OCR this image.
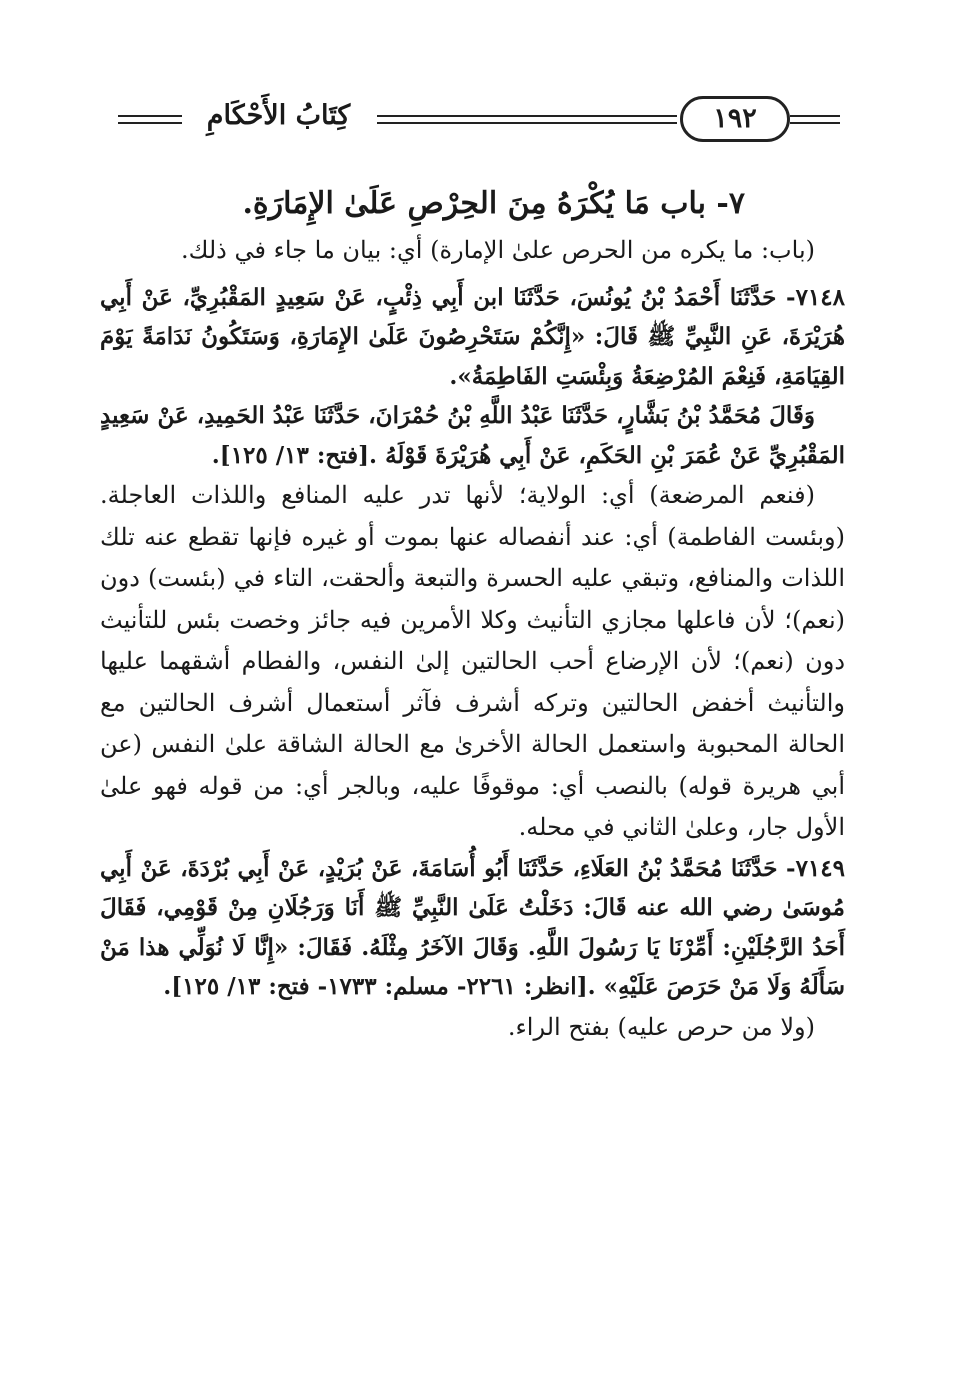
كِتَابُ الأَحْكَامِ	١٩٢

٧- باب مَا يُكْرَهُ مِنَ الحِرْصِ عَلَىٰ الإِمَارَةِ.

(باب: ما يكره من الحرص علىٰ الإمارة) أي: بيان ما جاء في ذلك.

٧١٤٨- حَدَّثَنَا أَحْمَدُ بْنُ يُونُسَ، حَدَّثَنَا ابن أَبِي ذِئْبٍ، عَنْ سَعِيدٍ المَقْبُرِيِّ، عَنْ أَبِي هُرَيْرَةَ، عَنِ النَّبِيِّ ﷺ قَالَ: «إِنَّكُمْ سَتَحْرِصُونَ عَلَىٰ الإِمَارَةِ، وَسَتَكُونُ نَدَامَةً يَوْمَ القِيَامَةِ، فَنِعْمَ المُرْضِعَةُ وَبِئْسَتِ الفَاطِمَةُ».

وَقَالَ مُحَمَّدُ بْنُ بَشَّارٍ، حَدَّثَنَا عَبْدُ اللَّهِ بْنُ حُمْرَانَ، حَدَّثَنَا عَبْدُ الحَمِيدِ، عَنْ سَعِيدٍ المَقْبُرِيِّ عَنْ عُمَرَ بْنِ الحَكَمِ، عَنْ أَبِي هُرَيْرَةَ قَوْلَهُ .[فتح: ١٣/ ١٢٥].

(فنعم المرضعة) أي: الولاية؛ لأنها تدر عليه المنافع واللذات العاجلة. (وبئست الفاطمة) أي: عند أنفصاله عنها بموت أو غيره فإنها تقطع عنه تلك اللذات والمنافع، وتبقي عليه الحسرة والتبعة وألحقت، التاء في (بئست) دون (نعم)؛ لأن فاعلها مجازي التأنيث وكلا الأمرين فيه جائز وخصت بئس للتأنيث دون (نعم)؛ لأن الإرضاع أحب الحالتين إلىٰ النفس، والفطام أشقهما عليها والتأنيث أخفض الحالتين وتركه أشرف فآثر أستعمال أشرف الحالتين مع الحالة المحبوبة واستعمل الحالة الأخرىٰ مع الحالة الشاقة علىٰ النفس (عن أبي هريرة قوله) بالنصب أي: موقوفًا عليه، وبالجر أي: من قوله فهو علىٰ الأول جار، وعلىٰ الثاني في محله.

٧١٤٩- حَدَّثَنَا مُحَمَّدُ بْنُ العَلَاءِ، حَدَّثَنَا أَبُو أُسَامَةَ، عَنْ بُرَيْدٍ، عَنْ أَبِي بُرْدَةَ، عَنْ أَبِي مُوسَىٰ رضي الله عنه قَالَ: دَخَلْتُ عَلَىٰ النَّبِيِّ ﷺ أَنَا وَرَجُلَانِ مِنْ قَوْمِي، فَقَالَ أَحَدُ الرَّجُلَيْنِ: أَمِّرْنَا يَا رَسُولَ اللَّهِ. وَقَالَ الآخَرُ مِثْلَهُ. فَقَالَ: «إِنَّا لَا نُوَلِّي هذا مَنْ سَأَلَهُ وَلَا مَنْ حَرَصَ عَلَيْهِ» .[انظر: ٢٢٦١- مسلم: ١٧٣٣- فتح: ١٣/ ١٢٥].

(ولا من حرص عليه) بفتح الراء.
